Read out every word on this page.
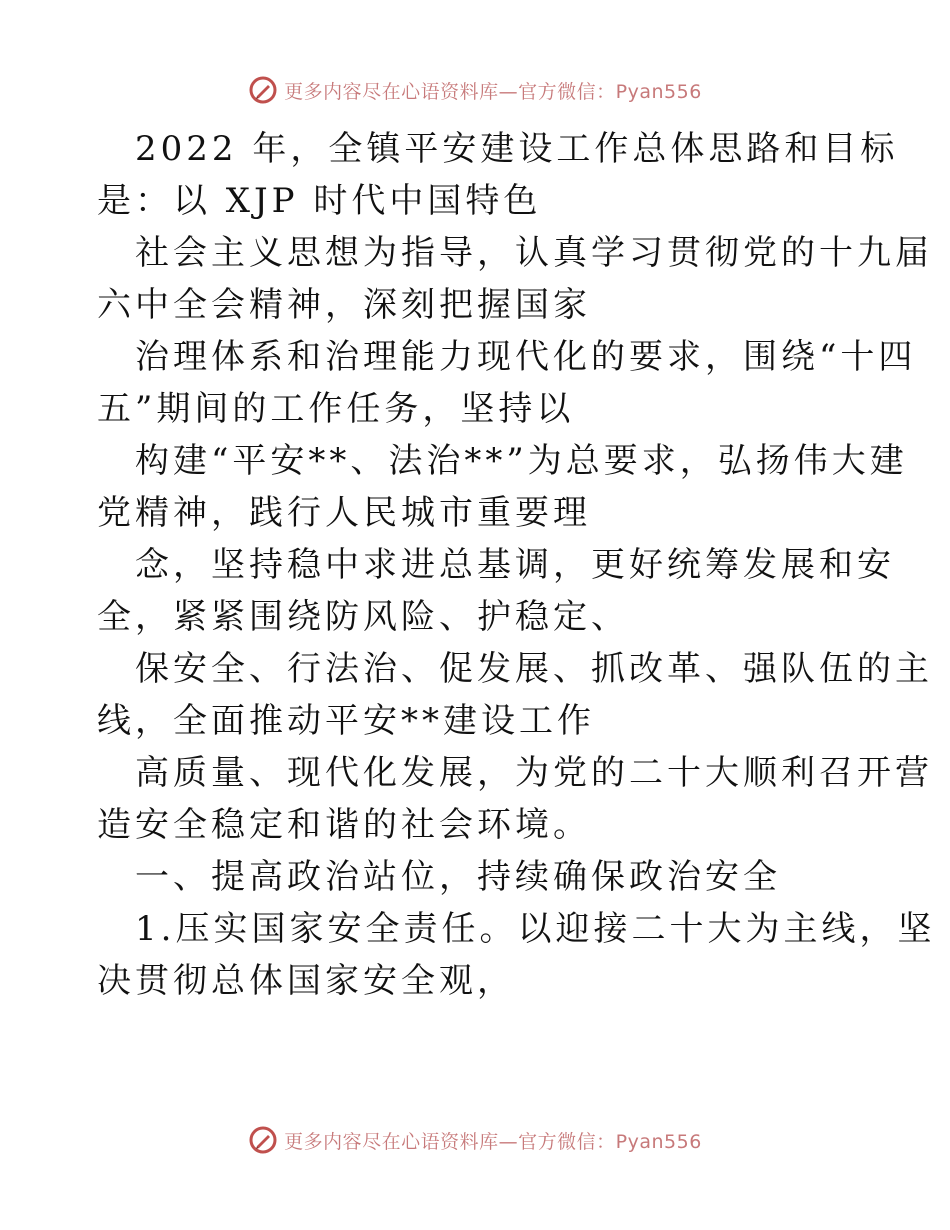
更多内容尽在心语资料库—官方微信：Pyan556
2022 年，全镇平安建设工作总体思路和目标
是：以 XJP 时代中国特色
社会主义思想为指导，认真学习贯彻党的十九届
六中全会精神，深刻把握国家
治理体系和治理能力现代化的要求，围绕“十四
五”期间的工作任务，坚持以
构建“平安**、法治**”为总要求，弘扬伟大建
党精神，践行人民城市重要理
念，坚持稳中求进总基调，更好统筹发展和安
全，紧紧围绕防风险、护稳定、
保安全、行法治、促发展、抓改革、强队伍的主
线，全面推动平安**建设工作
高质量、现代化发展，为党的二十大顺利召开营
造安全稳定和谐的社会环境。
一、提高政治站位，持续确保政治安全
1.压实国家安全责任。以迎接二十大为主线，坚
决贯彻总体国家安全观，
更多内容尽在心语资料库—官方微信：Pyan556
